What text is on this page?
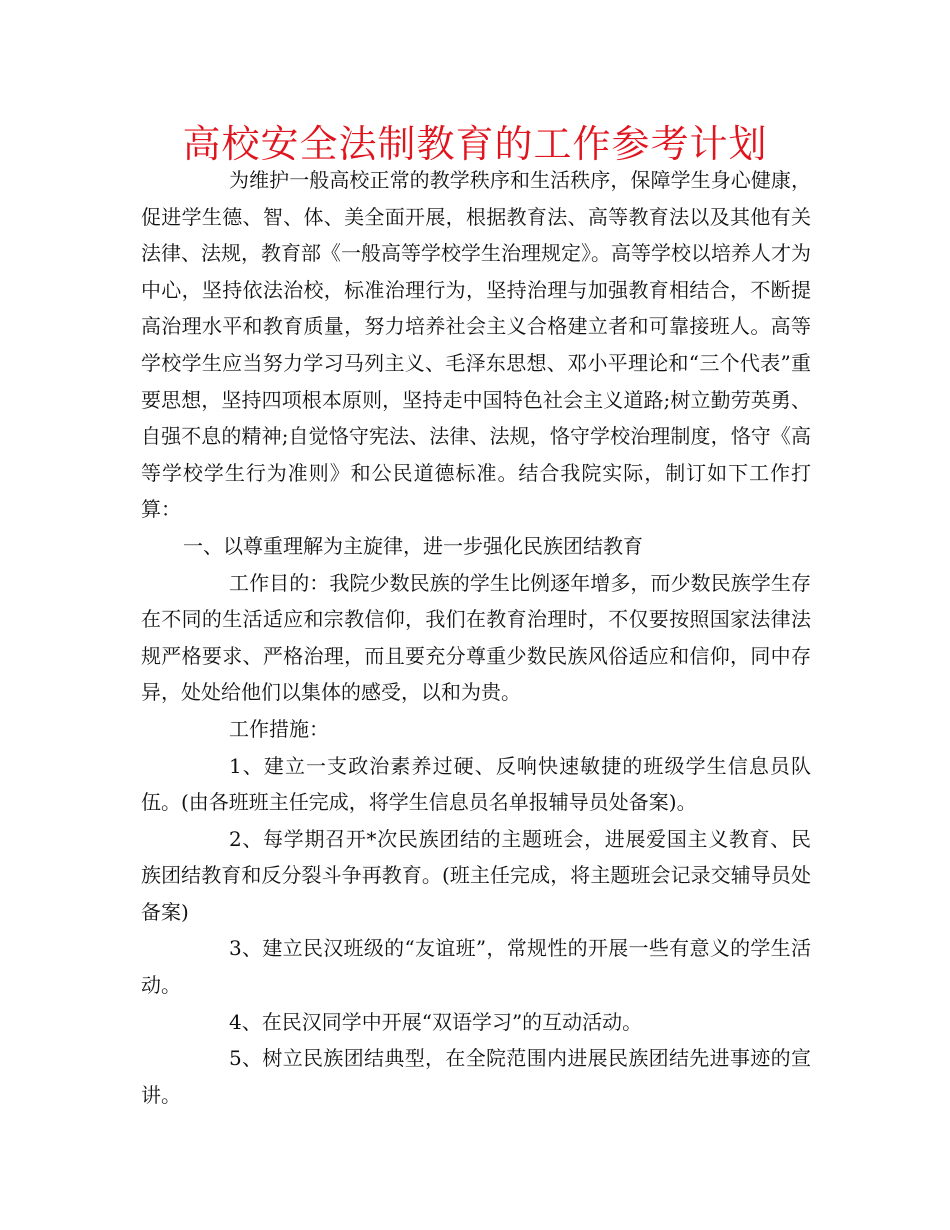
高校安全法制教育的工作参考计划

为维护一般高校正常的教学秩序和生活秩序，保障学生身心健康，促进学生德、智、体、美全面开展，根据教育法、高等教育法以及其他有关法律、法规，教育部《一般高等学校学生治理规定》。高等学校以培养人才为中心，坚持依法治校，标准治理行为，坚持治理与加强教育相结合，不断提高治理水平和教育质量，努力培养社会主义合格建立者和可靠接班人。高等学校学生应当努力学习马列主义、毛泽东思想、邓小平理论和“三个代表”重要思想，坚持四项根本原则，坚持走中国特色社会主义道路;树立勤劳英勇、自强不息的精神;自觉恪守宪法、法律、法规，恪守学校治理制度，恪守《高等学校学生行为准则》和公民道德标准。结合我院实际，制订如下工作打算：

一、以尊重理解为主旋律，进一步强化民族团结教育

工作目的：我院少数民族的学生比例逐年增多，而少数民族学生存在不同的生活适应和宗教信仰，我们在教育治理时，不仅要按照国家法律法规严格要求、严格治理，而且要充分尊重少数民族风俗适应和信仰，同中存异，处处给他们以集体的感受，以和为贵。

工作措施：

1、建立一支政治素养过硬、反响快速敏捷的班级学生信息员队伍。(由各班班主任完成，将学生信息员名单报辅导员处备案)。

2、每学期召开*次民族团结的主题班会，进展爱国主义教育、民族团结教育和反分裂斗争再教育。(班主任完成，将主题班会记录交辅导员处备案)

3、建立民汉班级的“友谊班”，常规性的开展一些有意义的学生活动。

4、在民汉同学中开展“双语学习”的互动活动。

5、树立民族团结典型，在全院范围内进展民族团结先进事迹的宣讲。
